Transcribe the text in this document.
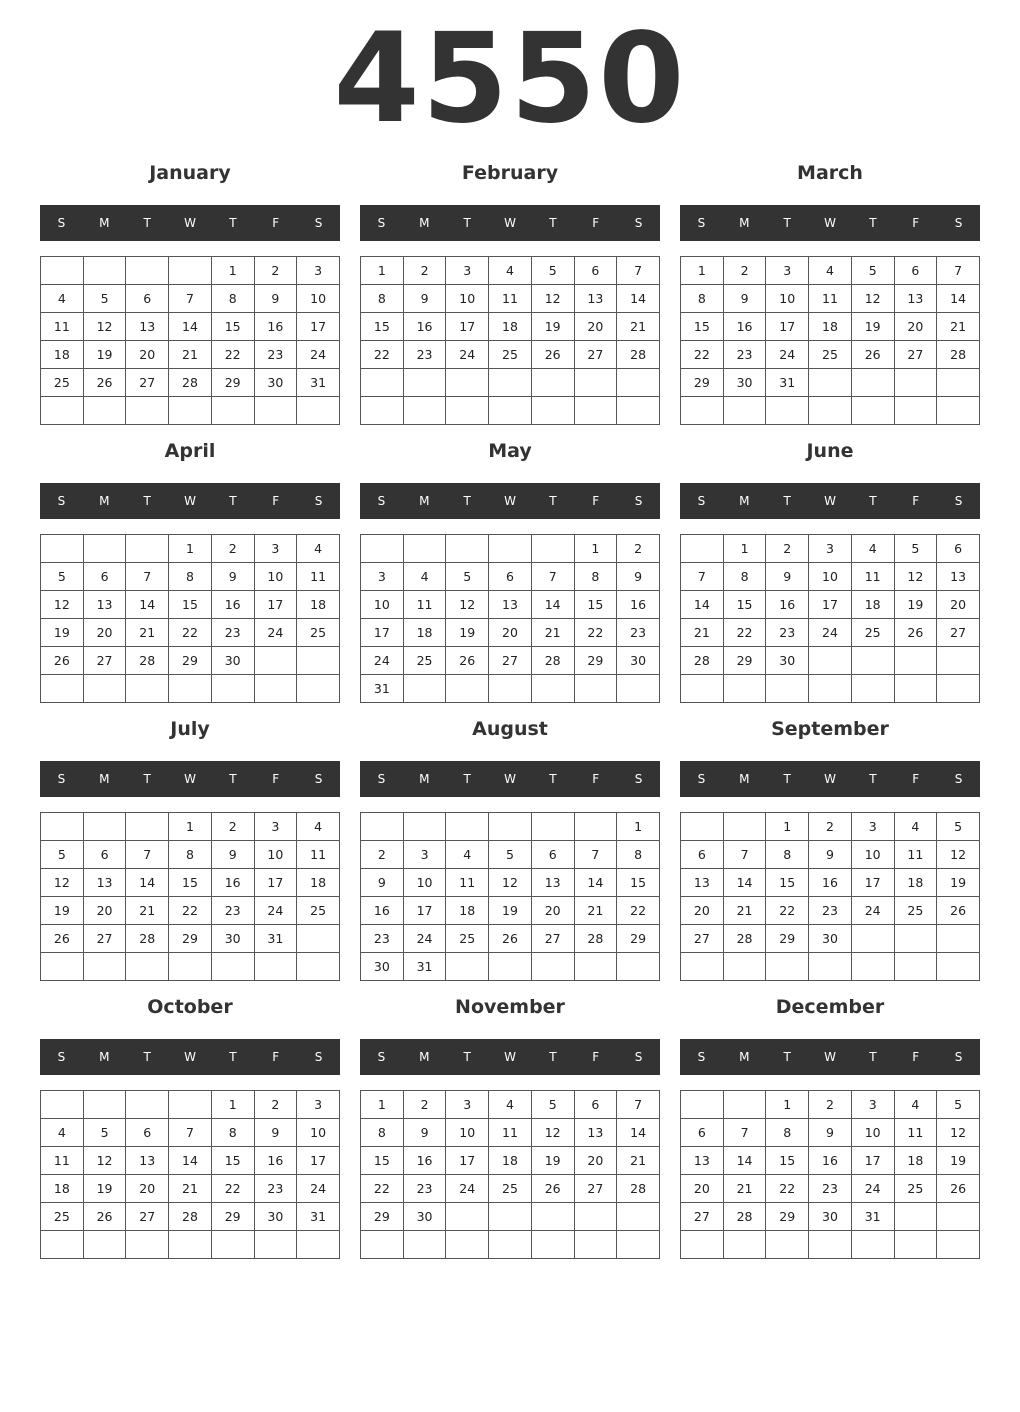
4550
January
S	M	T	W	T	F	S
				1	2	3
4	5	6	7	8	9	10
11	12	13	14	15	16	17
18	19	20	21	22	23	24
25	26	27	28	29	30	31

February
S	M	T	W	T	F	S
1	2	3	4	5	6	7
8	9	10	11	12	13	14
15	16	17	18	19	20	21
22	23	24	25	26	27	28

March
S	M	T	W	T	F	S
1	2	3	4	5	6	7
8	9	10	11	12	13	14
15	16	17	18	19	20	21
22	23	24	25	26	27	28
29	30	31				

April
S	M	T	W	T	F	S
			1	2	3	4
5	6	7	8	9	10	11
12	13	14	15	16	17	18
19	20	21	22	23	24	25
26	27	28	29	30		

May
S	M	T	W	T	F	S
					1	2
3	4	5	6	7	8	9
10	11	12	13	14	15	16
17	18	19	20	21	22	23
24	25	26	27	28	29	30
31						
June
S	M	T	W	T	F	S
	1	2	3	4	5	6
7	8	9	10	11	12	13
14	15	16	17	18	19	20
21	22	23	24	25	26	27
28	29	30				

July
S	M	T	W	T	F	S
			1	2	3	4
5	6	7	8	9	10	11
12	13	14	15	16	17	18
19	20	21	22	23	24	25
26	27	28	29	30	31	

August
S	M	T	W	T	F	S
						1
2	3	4	5	6	7	8
9	10	11	12	13	14	15
16	17	18	19	20	21	22
23	24	25	26	27	28	29
30	31					
September
S	M	T	W	T	F	S
		1	2	3	4	5
6	7	8	9	10	11	12
13	14	15	16	17	18	19
20	21	22	23	24	25	26
27	28	29	30			

October
S	M	T	W	T	F	S
				1	2	3
4	5	6	7	8	9	10
11	12	13	14	15	16	17
18	19	20	21	22	23	24
25	26	27	28	29	30	31

November
S	M	T	W	T	F	S
1	2	3	4	5	6	7
8	9	10	11	12	13	14
15	16	17	18	19	20	21
22	23	24	25	26	27	28
29	30					

December
S	M	T	W	T	F	S
		1	2	3	4	5
6	7	8	9	10	11	12
13	14	15	16	17	18	19
20	21	22	23	24	25	26
27	28	29	30	31		
